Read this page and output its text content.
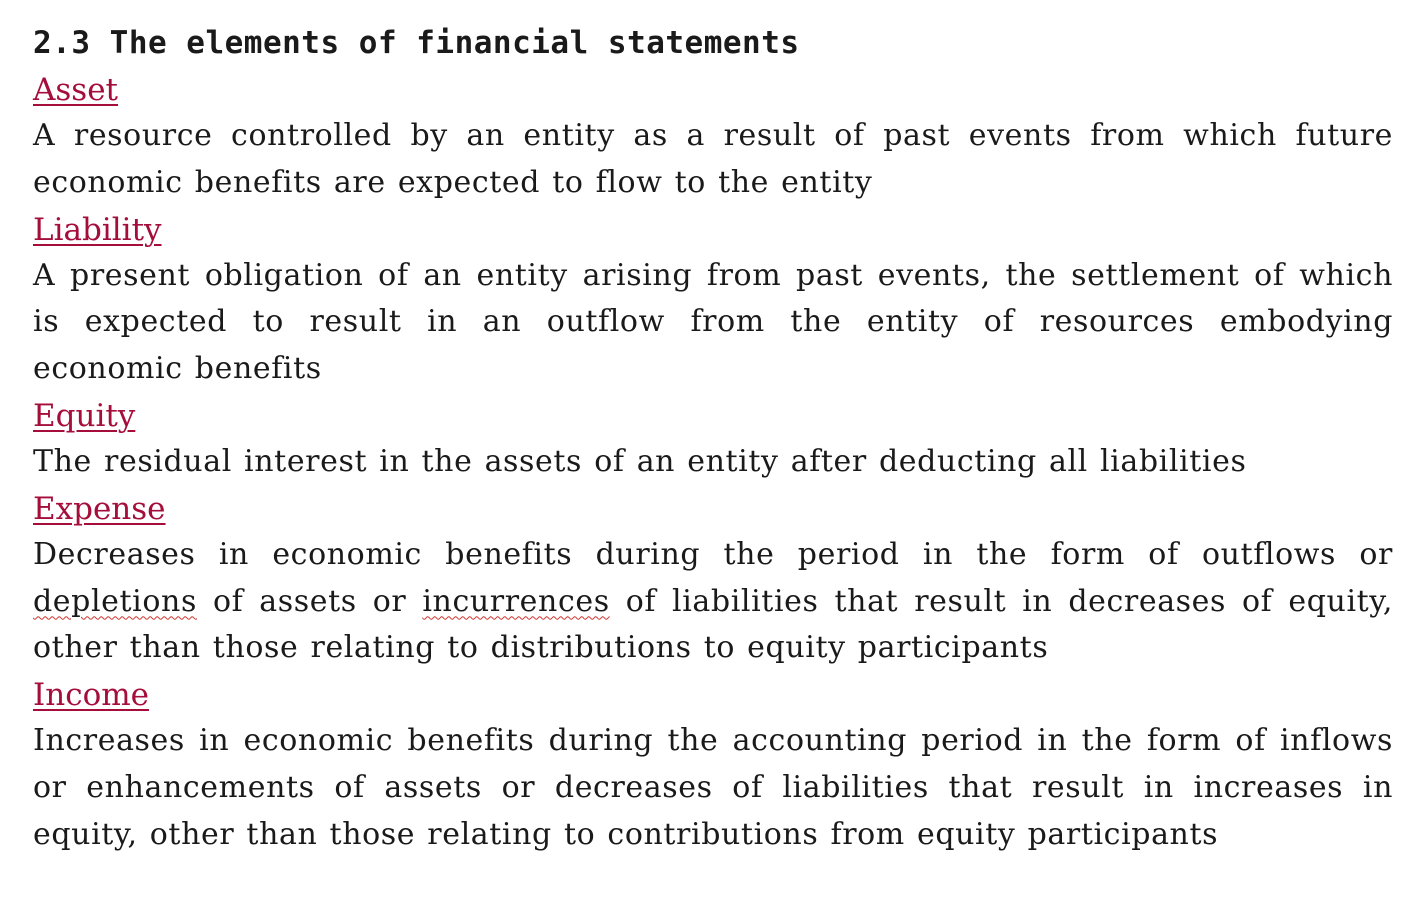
2.3 The elements of financial statements
Asset

A resource controlled by an entity as a result of past events from which future economic benefits are expected to flow to the entity

Liability

A present obligation of an entity arising from past events, the settlement of which is expected to result in an outflow from the entity of resources embodying economic benefits

Equity

The residual interest in the assets of an entity after deducting all liabilities

Expense

Decreases in economic benefits during the period in the form of outflows or depletions of assets or incurrences of liabilities that result in decreases of equity, other than those relating to distributions to equity participants

Income

Increases in economic benefits during the accounting period in the form of inflows or enhancements of assets or decreases of liabilities that result in increases in equity, other than those relating to contributions from equity participants
